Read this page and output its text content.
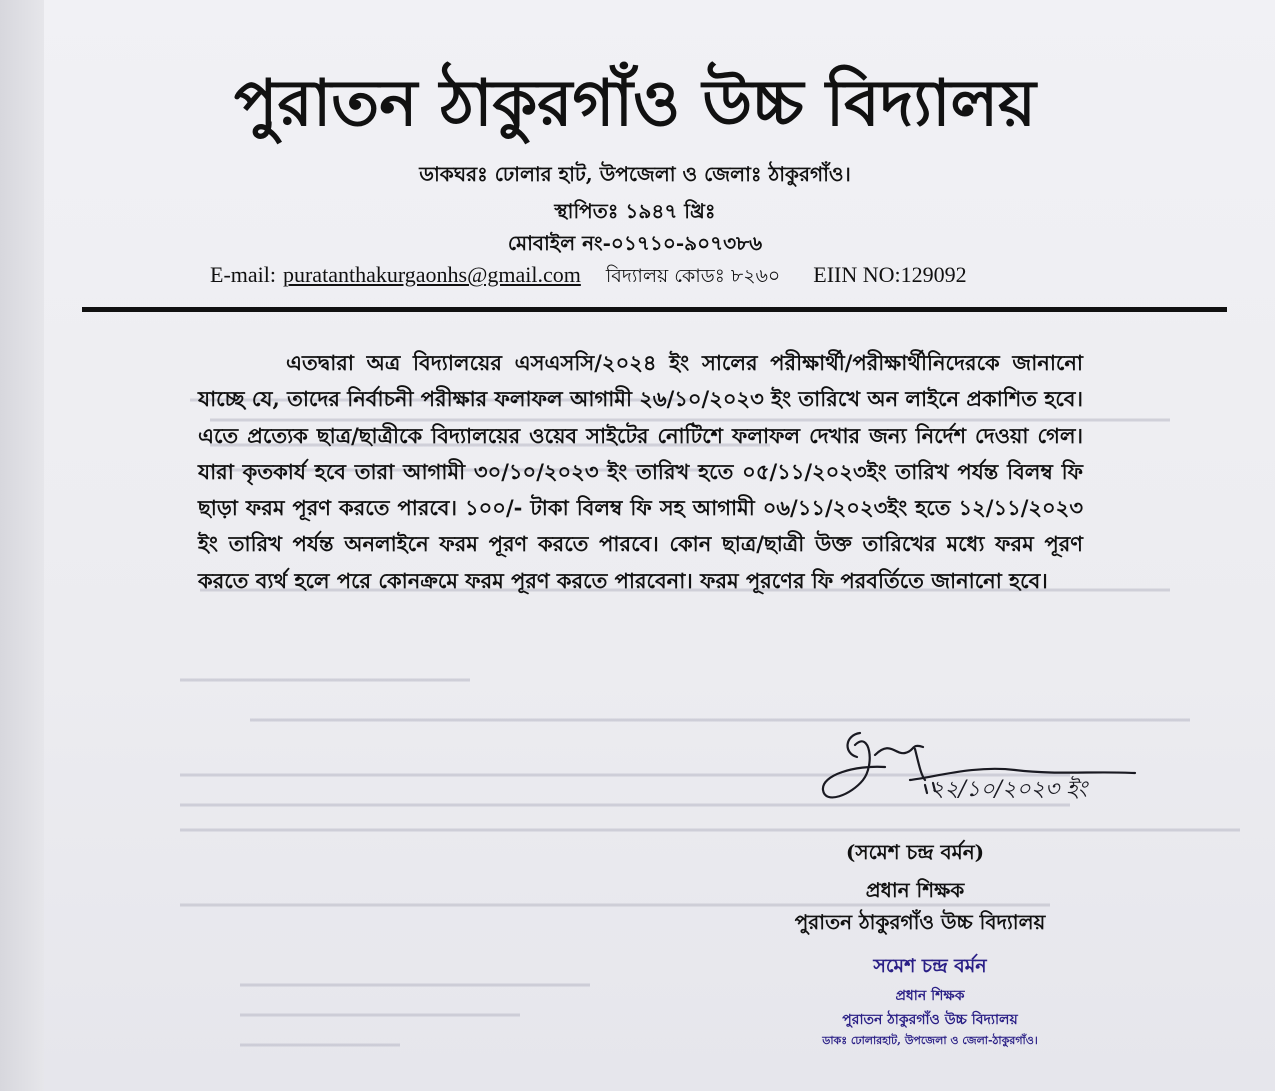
পুরাতন ঠাকুরগাঁও উচ্চ বিদ্যালয়
ডাকঘরঃ ঢোলার হাট, উপজেলা ও জেলাঃ ঠাকুরগাঁও।
স্থাপিতঃ ১৯৪৭ খ্রিঃ
মোবাইল নং-০১৭১০-৯০৭৩৮৬
E-mail: puratanthakurgaonhs@gmail.com বিদ্যালয় কোডঃ ৮২৬০ EIIN NO:129092
এতদ্বারা অত্র বিদ্যালয়ের এসএসসি/২০২৪ ইং সালের পরীক্ষার্থী/পরীক্ষার্থীনিদেরকে জানানো যাচ্ছে যে, তাদের নির্বাচনী পরীক্ষার ফলাফল আগামী ২৬/১০/২০২৩ ইং তারিখে অন লাইনে প্রকাশিত হবে। এতে প্রত্যেক ছাত্র/ছাত্রীকে বিদ্যালয়ের ওয়েব সাইটের নোটিশে ফলাফল দেখার জন্য নির্দেশ দেওয়া গেল। যারা কৃতকার্য হবে তারা আগামী ৩০/১০/২০২৩ ইং তারিখ হতে ০৫/১১/২০২৩ইং তারিখ পর্যন্ত বিলম্ব ফি ছাড়া ফরম পূরণ করতে পারবে। ১০০/- টাকা বিলম্ব ফি সহ আগামী ০৬/১১/২০২৩ইং হতে ১২/১১/২০২৩ ইং তারিখ পর্যন্ত অনলাইনে ফরম পূরণ করতে পারবে। কোন ছাত্র/ছাত্রী উক্ত তারিখের মধ্যে ফরম পূরণ করতে ব্যর্থ হলে পরে কোনক্রমে ফরম পূরণ করতে পারবেনা। ফরম পূরণের ফি পরবর্তিতে জানানো হবে।
২২/১০/২০২৩ ইং
(সমেশ চন্দ্র বর্মন)
প্রধান শিক্ষক
পুরাতন ঠাকুরগাঁও উচ্চ বিদ্যালয়
সমেশ চন্দ্র বর্মন
প্রধান শিক্ষক
পুরাতন ঠাকুরগাঁও উচ্চ বিদ্যালয়
ডাকঃ ঢোলারহাট, উপজেলা ও জেলা-ঠাকুরগাঁও।
